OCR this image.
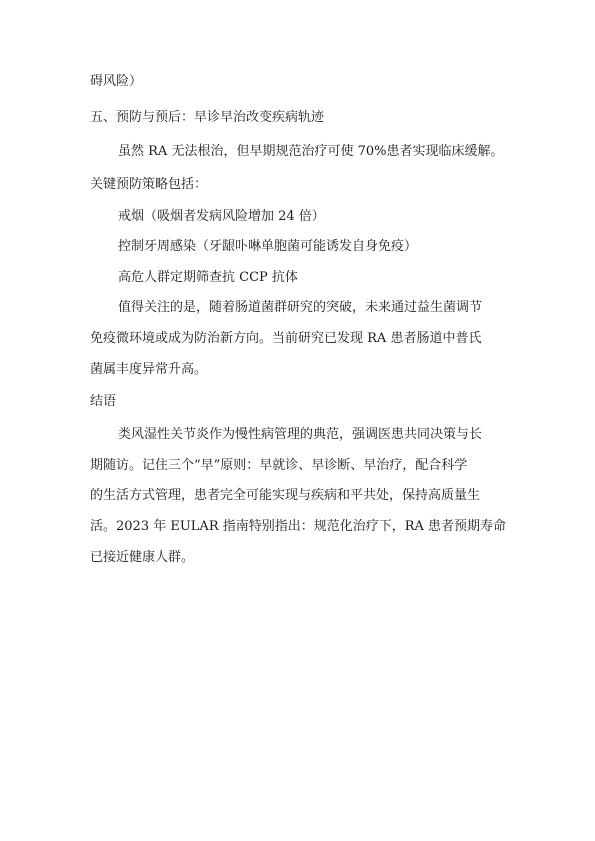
碍风险）

五、预防与预后：早诊早治改变疾病轨迹

虽然 RA 无法根治，但早期规范治疗可使 70%患者实现临床缓解。

关键预防策略包括：

戒烟（吸烟者发病风险增加 24 倍）

控制牙周感染（牙龈卟啉单胞菌可能诱发自身免疫）

高危人群定期筛查抗 CCP 抗体

值得关注的是，随着肠道菌群研究的突破，未来通过益生菌调节

免疫微环境或成为防治新方向。当前研究已发现 RA 患者肠道中普氏

菌属丰度异常升高。

结语

类风湿性关节炎作为慢性病管理的典范，强调医患共同决策与长

期随访。记住三个“早”原则：早就诊、早诊断、早治疗，配合科学

的生活方式管理，患者完全可能实现与疾病和平共处，保持高质量生

活。2023 年 EULAR 指南特别指出：规范化治疗下，RA 患者预期寿命

已接近健康人群。
